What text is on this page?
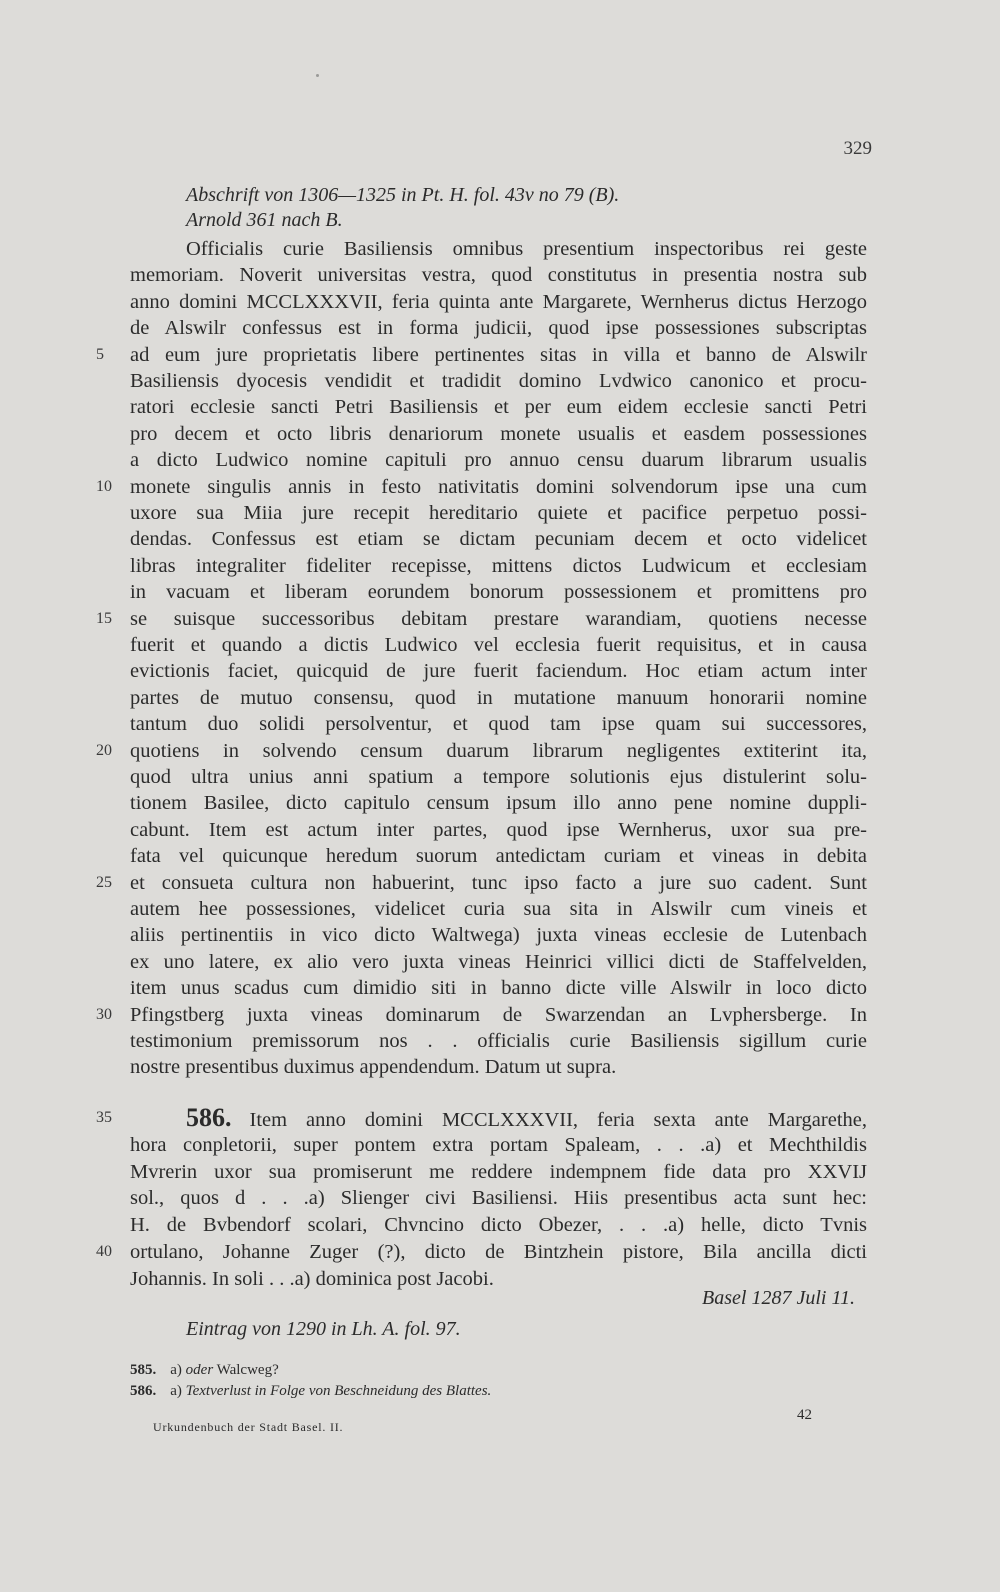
329
Abschrift von 1306—1325 in Pt. H. fol. 43v no 79 (B).
Arnold 361 nach B.
Officialis curie Basiliensis omnibus presentium inspectoribus rei geste
memoriam. Noverit universitas vestra, quod constitutus in presentia nostra sub
anno domini MCCLXXXVII, feria quinta ante Margarete, Wernherus dictus Herzogo
de Alswilr confessus est in forma judicii, quod ipse possessiones subscriptas
ad eum jure proprietatis libere pertinentes sitas in villa et banno de Alswilr
Basiliensis dyocesis vendidit et tradidit domino Lvdwico canonico et procu-
ratori ecclesie sancti Petri Basiliensis et per eum eidem ecclesie sancti Petri
pro decem et octo libris denariorum monete usualis et easdem possessiones
a dicto Ludwico nomine capituli pro annuo censu duarum librarum usualis
monete singulis annis in festo nativitatis domini solvendorum ipse una cum
uxore sua Miia jure recepit hereditario quiete et pacifice perpetuo possi-
dendas. Confessus est etiam se dictam pecuniam decem et octo videlicet
libras integraliter fideliter recepisse, mittens dictos Ludwicum et ecclesiam
in vacuam et liberam eorundem bonorum possessionem et promittens pro
se suisque successoribus debitam prestare warandiam, quotiens necesse
fuerit et quando a dictis Ludwico vel ecclesia fuerit requisitus, et in causa
evictionis faciet, quicquid de jure fuerit faciendum. Hoc etiam actum inter
partes de mutuo consensu, quod in mutatione manuum honorarii nomine
tantum duo solidi persolventur, et quod tam ipse quam sui successores,
quotiens in solvendo censum duarum librarum negligentes extiterint ita,
quod ultra unius anni spatium a tempore solutionis ejus distulerint solu-
tionem Basilee, dicto capitulo censum ipsum illo anno pene nomine duppli-
cabunt. Item est actum inter partes, quod ipse Wernherus, uxor sua pre-
fata vel quicunque heredum suorum antedictam curiam et vineas in debita
et consueta cultura non habuerint, tunc ipso facto a jure suo cadent. Sunt
autem hee possessiones, videlicet curia sua sita in Alswilr cum vineis et
aliis pertinentiis in vico dicto Waltwega) juxta vineas ecclesie de Lutenbach
ex uno latere, ex alio vero juxta vineas Heinrici villici dicti de Staffelvelden,
item unus scadus cum dimidio siti in banno dicte ville Alswilr in loco dicto
Pfingstberg juxta vineas dominarum de Swarzendan an Lvphersberge. In
testimonium premissorum nos . . officialis curie Basiliensis sigillum curie
nostre presentibus duximus appendendum. Datum ut supra.
5
10
15
20
25
30
35
40
586. Item anno domini MCCLXXXVII, feria sexta ante Margarethe,
hora conpletorii, super pontem extra portam Spaleam, . . .a) et Mechthildis
Mvrerin uxor sua promiserunt me reddere indempnem fide data pro XXVIJ
sol., quos d . . .a) Slienger civi Basiliensi. Hiis presentibus acta sunt hec:
H. de Bvbendorf scolari, Chvncino dicto Obezer, . . .a) helle, dicto Tvnis
ortulano, Johanne Zuger (?), dicto de Bintzhein pistore, Bila ancilla dicti
Johannis. In soli . . .a) dominica post Jacobi.
Basel 1287 Juli 11.
Eintrag von 1290 in Lh. A. fol. 97.
585. a) oder Walcweg?
586. a) Textverlust in Folge von Beschneidung des Blattes.
Urkundenbuch der Stadt Basel. II.
42
